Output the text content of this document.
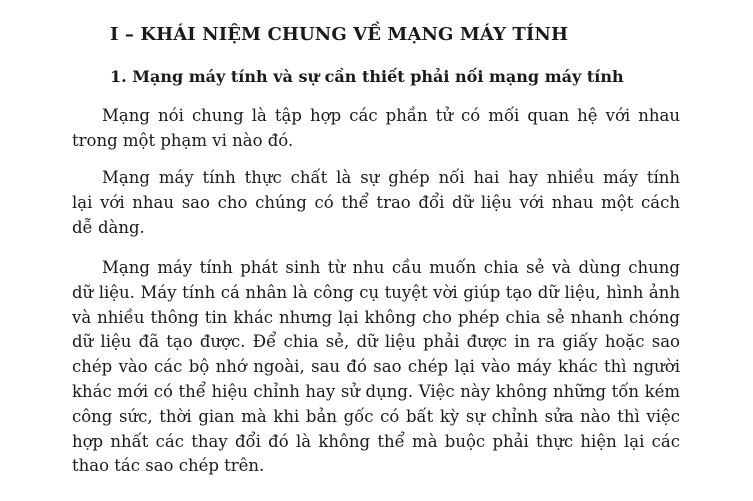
I – KHÁI NIỆM CHUNG VỀ MẠNG MÁY TÍNH
1. Mạng máy tính và sự cần thiết phải nối mạng máy tính
Mạng nói chung là tập hợp các phần tử có mối quan hệ với nhau
trong một phạm vi nào đó.
Mạng máy tính thực chất là sự ghép nối hai hay nhiều máy tính
lại với nhau sao cho chúng có thể trao đổi dữ liệu với nhau một cách
dễ dàng.
Mạng máy tính phát sinh từ nhu cầu muốn chia sẻ và dùng chung
dữ liệu. Máy tính cá nhân là công cụ tuyệt vời giúp tạo dữ liệu, hình ảnh
và nhiều thông tin khác nhưng lại không cho phép chia sẻ nhanh chóng
dữ liệu đã tạo được. Để chia sẻ, dữ liệu phải được in ra giấy hoặc sao
chép vào các bộ nhớ ngoài, sau đó sao chép lại vào máy khác thì người
khác mới có thể hiệu chỉnh hay sử dụng. Việc này không những tốn kém
công sức, thời gian mà khi bản gốc có bất kỳ sự chỉnh sửa nào thì việc
hợp nhất các thay đổi đó là không thể mà buộc phải thực hiện lại các
thao tác sao chép trên.
